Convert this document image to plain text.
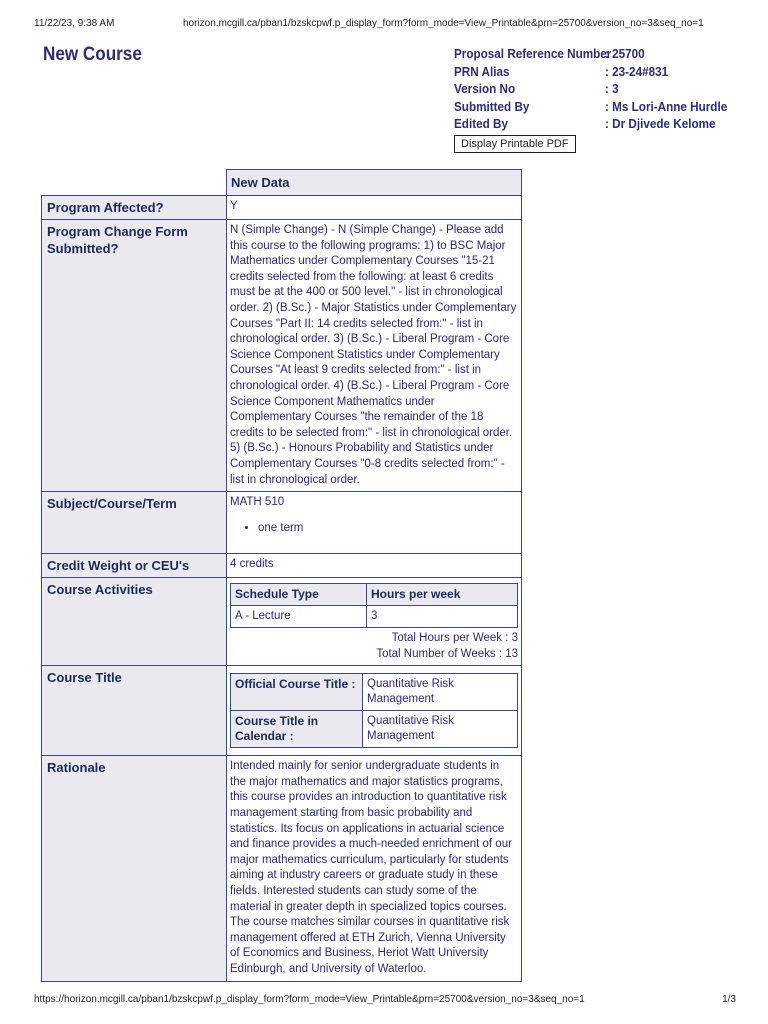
11/22/23, 9:38 AM	horizon.mcgill.ca/pban1/bzskcpwf.p_display_form?form_mode=View_Printable&prn=25700&version_no=3&seq_no=1
New Course	Proposal Reference Number
: 25700
PRN Alias	: 23-24#831
Version No	: 3
Submitted By	: Ms Lori-Anne Hurdle
Edited By	: Dr Djivede Kelome
Display Printable PDF
	New Data
Program Affected?	Y
Program Change Form Submitted?	N (Simple Change) - N (Simple Change) - Please add this course to the following programs: 1) to BSC Major Mathematics under Complementary Courses "15-21 credits selected from the following: at least 6 credits must be at the 400 or 500 level." - list in chronological order. 2) (B.Sc.) - Major Statistics under Complementary Courses "Part II: 14 credits selected from:" - list in chronological order. 3) (B.Sc.) - Liberal Program - Core Science Component Statistics under Complementary Courses "At least 9 credits selected from:" - list in chronological order. 4) (B.Sc.) - Liberal Program - Core Science Component Mathematics under Complementary Courses "the remainder of the 18 credits to be selected from:" - list in chronological order. 5) (B.Sc.) - Honours Probability and Statistics under Complementary Courses "0-8 credits selected from:" - list in chronological order.
Subject/Course/Term	MATH 510
• one term

Credit Weight or CEU's	4 credits
Course Activities		Schedule Type	Hours per week
A - Lecture	3
Total Hours per Week : 3
Total Number of Weeks : 13

Course Title		Official Course Title :	Quantitative Risk Management
Course Title in Calendar :	Quantitative Risk Management

Rationale	Intended mainly for senior undergraduate students in the major mathematics and major statistics programs, this course provides an introduction to quantitative risk management starting from basic probability and statistics. Its focus on applications in actuarial science and finance provides a much-needed enrichment of our major mathematics curriculum, particularly for students aiming at industry careers or graduate study in these fields. Interested students can study some of the material in greater depth in specialized topics courses. The course matches similar courses in quantitative risk management offered at ETH Zurich, Vienna University of Economics and Business, Heriot Watt University Edinburgh, and University of Waterloo.
https://horizon.mcgill.ca/pban1/bzskcpwf.p_display_form?form_mode=View_Printable&prn=25700&version_no=3&seq_no=1	1/3
